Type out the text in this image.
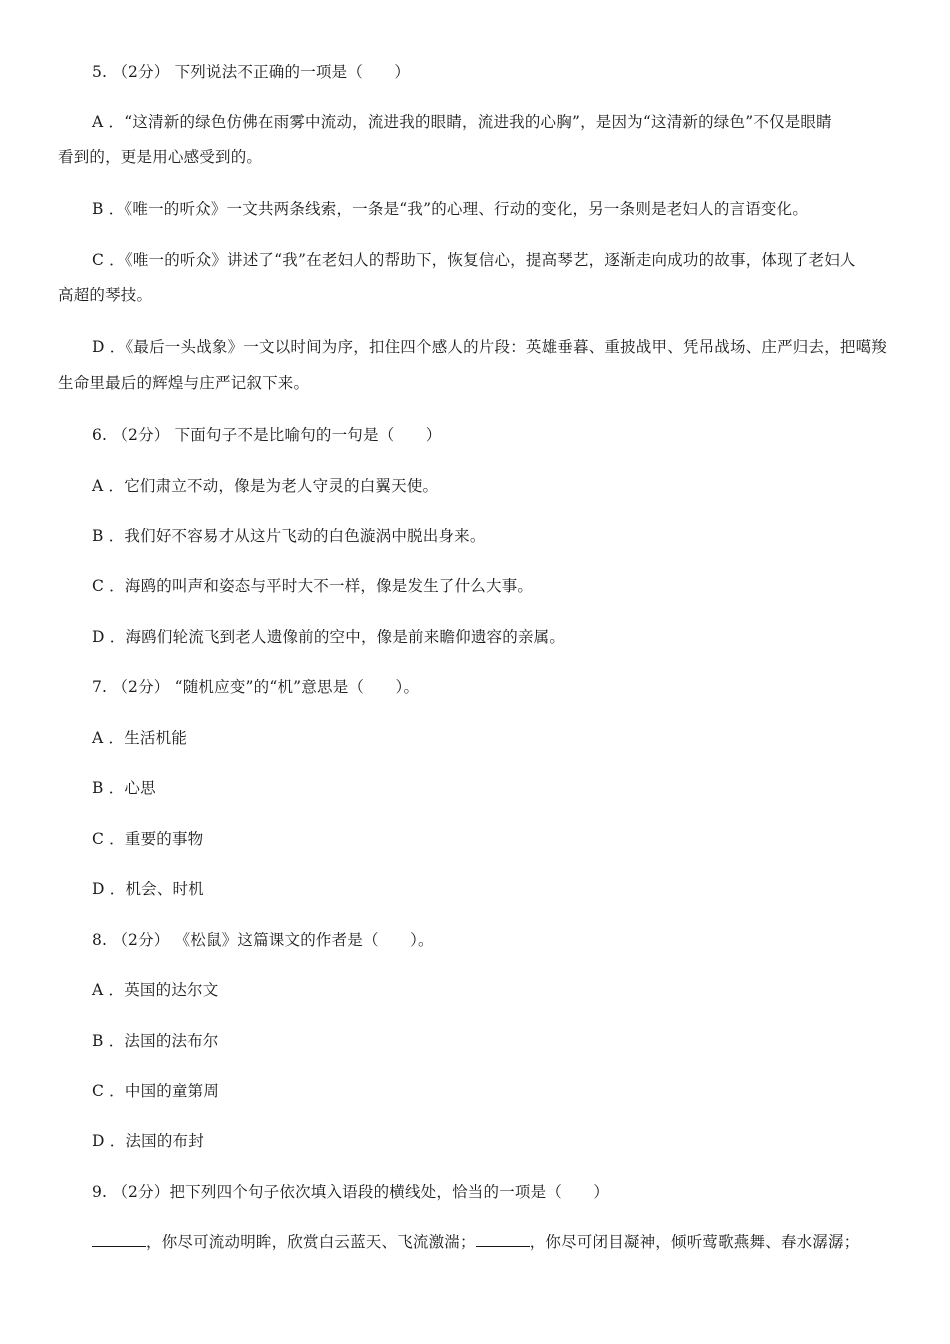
5. （2分） 下列说法不正确的一项是（　　）
A ．“这清新的绿色仿佛在雨雾中流动，流进我的眼睛，流进我的心胸”，是因为“这清新的绿色”不仅是眼睛
看到的，更是用心感受到的。
B ．《唯一的听众》一文共两条线索，一条是“我”的心理、行动的变化，另一条则是老妇人的言语变化。
C ．《唯一的听众》讲述了“我”在老妇人的帮助下，恢复信心，提高琴艺，逐渐走向成功的故事，体现了老妇人
高超的琴技。
D ．《最后一头战象》一文以时间为序，扣住四个感人的片段：英雄垂暮、重披战甲、凭吊战场、庄严归去，把噶羧
生命里最后的辉煌与庄严记叙下来。
6. （2分） 下面句子不是比喻句的一句是（　　）
A ．它们肃立不动，像是为老人守灵的白翼天使。
B ．我们好不容易才从这片飞动的白色漩涡中脱出身来。
C ．海鸥的叫声和姿态与平时大不一样，像是发生了什么大事。
D ．海鸥们轮流飞到老人遗像前的空中，像是前来瞻仰遗容的亲属。
7. （2分） “随机应变”的“机”意思是（　　）。
A ．生活机能
B ．心思
C ．重要的事物
D ．机会、时机
8. （2分） 《松鼠》这篇课文的作者是（　　）。
A ．英国的达尔文
B ．法国的法布尔
C ．中国的童第周
D ．法国的布封
9. （2分）把下列四个句子依次填入语段的横线处，恰当的一项是（　　）
，你尽可流动明眸，欣赏白云蓝天、飞流激湍；	，你尽可闭目凝神，倾听莺歌燕舞、春水潺潺；
